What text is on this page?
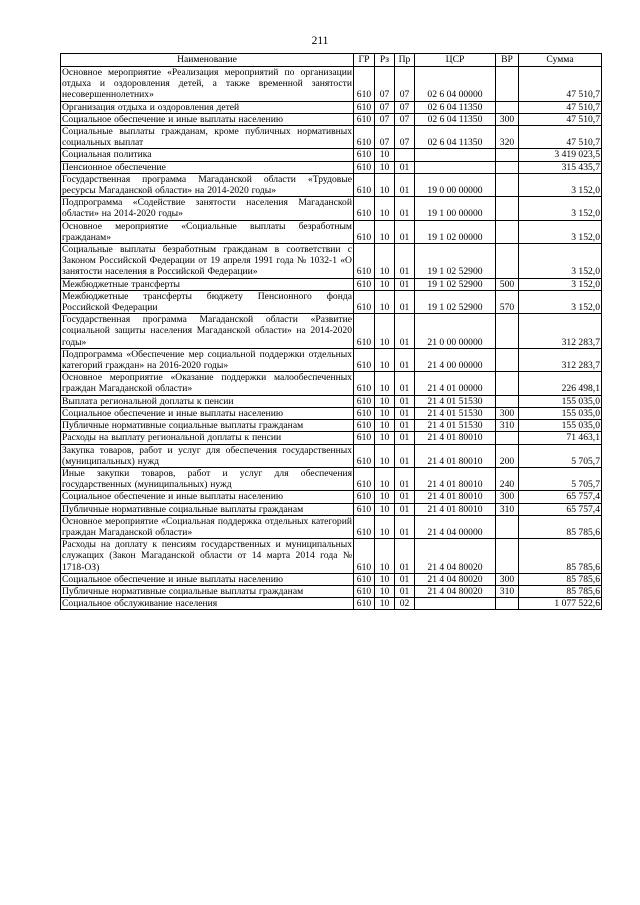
211
Наименование	ГР	Рз	Пр	ЦСР	ВР	Сумма
Основное мероприятие «Реализация мероприятий по организации отдыха и оздоровления детей, а также временной занятости несовершеннолетних»	610	07	07	02 6 04 00000		47 510,7
Организация отдыха и оздоровления детей	610	07	07	02 6 04 11350		47 510,7
Социальное обеспечение и иные выплаты населению	610	07	07	02 6 04 11350	300	47 510,7
Социальные выплаты гражданам, кроме публичных нормативных социальных выплат	610	07	07	02 6 04 11350	320	47 510,7
Социальная политика	610	10				3 419 023,5
Пенсионное обеспечение	610	10	01			315 435,7
Государственная программа Магаданской области «Трудовые ресурсы Магаданской области» на 2014-2020 годы»	610	10	01	19 0 00 00000		3 152,0
Подпрограмма «Содействие занятости населения Магаданской области» на 2014-2020 годы»	610	10	01	19 1 00 00000		3 152,0
Основное мероприятие «Социальные выплаты безработным гражданам»	610	10	01	19 1 02 00000		3 152,0
Социальные выплаты безработным гражданам в соответствии с Законом Российской Федерации от 19 апреля 1991 года № 1032-1 «О занятости населения в Российской Федерации»	610	10	01	19 1 02 52900		3 152,0
Межбюджетные трансферты	610	10	01	19 1 02 52900	500	3 152,0
Межбюджетные трансферты бюджету Пенсионного фонда Российской Федерации	610	10	01	19 1 02 52900	570	3 152,0
Государственная программа Магаданской области «Развитие социальной защиты населения Магаданской области» на 2014-2020 годы»	610	10	01	21 0 00 00000		312 283,7
Подпрограмма «Обеспечение мер социальной поддержки отдельных категорий граждан» на 2016-2020 годы»	610	10	01	21 4 00 00000		312 283,7
Основное мероприятие «Оказание поддержки малообеспеченных граждан Магаданской области»	610	10	01	21 4 01 00000		226 498,1
Выплата региональной доплаты к пенсии	610	10	01	21 4 01 51530		155 035,0
Социальное обеспечение и иные выплаты населению	610	10	01	21 4 01 51530	300	155 035,0
Публичные нормативные социальные выплаты гражданам	610	10	01	21 4 01 51530	310	155 035,0
Расходы на выплату региональной доплаты к пенсии	610	10	01	21 4 01 80010		71 463,1
Закупка товаров, работ и услуг для обеспечения государственных (муниципальных) нужд	610	10	01	21 4 01 80010	200	5 705,7
Иные закупки товаров, работ и услуг для обеспечения государственных (муниципальных) нужд	610	10	01	21 4 01 80010	240	5 705,7
Социальное обеспечение и иные выплаты населению	610	10	01	21 4 01 80010	300	65 757,4
Публичные нормативные социальные выплаты гражданам	610	10	01	21 4 01 80010	310	65 757,4
Основное мероприятие «Социальная поддержка отдельных категорий граждан Магаданской области»	610	10	01	21 4 04 00000		85 785,6
Расходы на доплату к пенсиям государственных и муниципальных служащих (Закон Магаданской области от 14 марта 2014 года № 1718-ОЗ)	610	10	01	21 4 04 80020		85 785,6
Социальное обеспечение и иные выплаты населению	610	10	01	21 4 04 80020	300	85 785,6
Публичные нормативные социальные выплаты гражданам	610	10	01	21 4 04 80020	310	85 785,6
Социальное обслуживание населения	610	10	02			1 077 522,6
